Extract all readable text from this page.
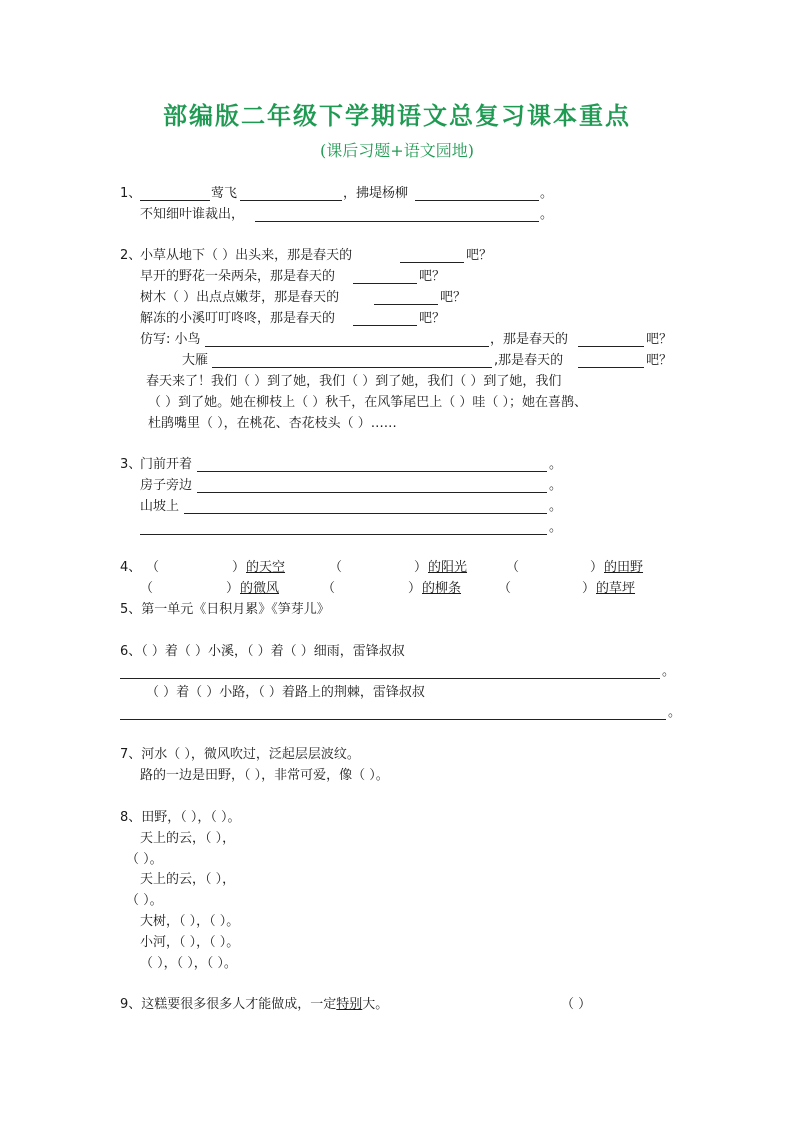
部编版二年级下学期语文总复习课本重点
(课后习题+语文园地)
1、	莺飞	，拂堤杨柳	。
不知细叶谁裁出，	。
2、
小草从地下（ ）出头来，那是春天的	吧？
早开的野花一朵两朵，那是春天的	吧？
树木（ ）出点点嫩芽，那是春天的	吧？
解冻的小溪叮叮咚咚，那是春天的	吧？
仿写: 小鸟	，那是春天的	吧？
大雁	,那是春天的	吧？
春天来了！我们（ ）到了她，我们（ ）到了她，我们（ ）到了她，我们
（ ）到了她。她在柳枝上（ ）秋千，在风筝尾巴上（ ）哇（ ）；她在喜鹊、
杜鹃嘴里（ ），在桃花、杏花枝头（ ）……
3、
门前开着	。
房子旁边	。
山坡上	。
。
4、 （	） 的天空	（	） 的阳光	（	） 的田野
（	） 的微风	（	） 的柳条	（	） 的草坪
5、第一单元《日积月累》《笋芽儿》
6、（ ）着（ ）小溪，（ ）着（ ）细雨，雷锋叔叔
。
（ ）着（ ）小路，（ ）着路上的荆棘，雷锋叔叔
。
7、河水（ ），微风吹过，泛起层层波纹。
路的一边是田野，（ ），非常可爱，像（ ）。
8、田野，（ ），（ ）。
天上的云，（ ），
（ ）。
天上的云，（ ），
（ ）。
大树，（ ），（ ）。
小河，（ ），（ ）。
（ ），（ ），（ ）。
9、这糕要很多很多人才能做成，一定特别大。	（ ）
